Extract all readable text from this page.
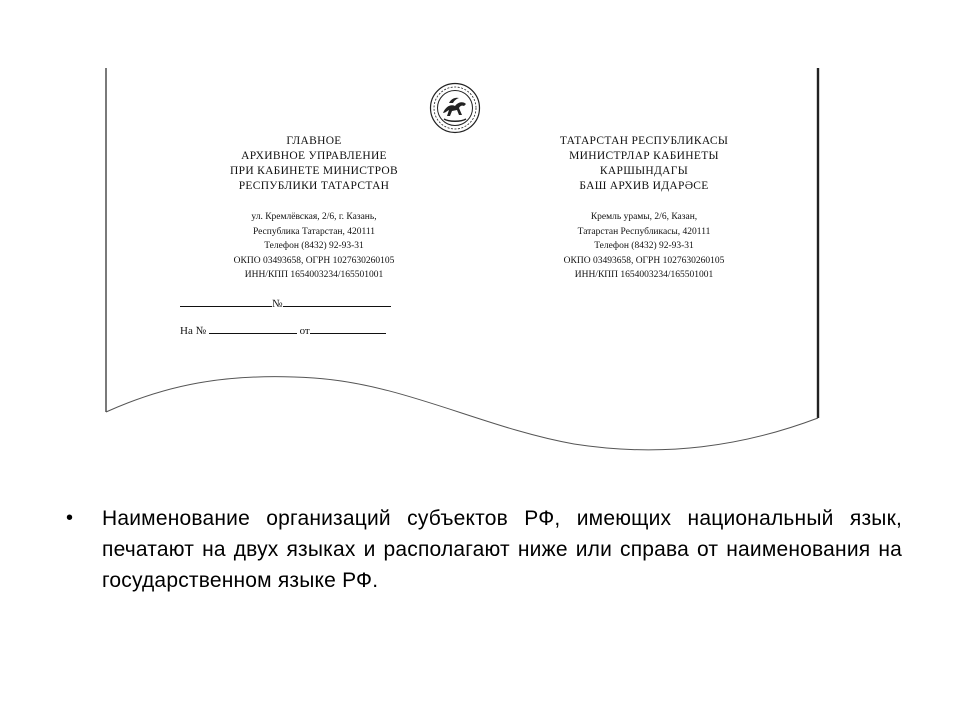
ГЛАВНОЕ
АРХИВНОЕ УПРАВЛЕНИЕ
ПРИ КАБИНЕТЕ МИНИСТРОВ
РЕСПУБЛИКИ ТАТАРСТАН
ул. Кремлёвская, 2/6, г. Казань,
Республика Татарстан, 420111
Телефон (8432) 92-93-31
ОКПО 03493658, ОГРН 1027630260105
ИНН/КПП 1654003234/165501001
ТАТАРСТАН РЕСПУБЛИКАСЫ
МИНИСТРЛАР КАБИНЕТЫ
КАРШЫНДАГЫ
БАШ АРХИВ ИДАРӘСЕ
Кремль урамы, 2/6, Казан,
Татарстан Республикасы, 420111
Телефон (8432) 92-93-31
ОКПО 03493658, ОГРН 1027630260105
ИНН/КПП 1654003234/165501001
№
На №	от
• Наименование организаций субъектов РФ, имеющих национальный язык, печатают на двух языках и располагают ниже или справа от наименования на государственном языке РФ.
